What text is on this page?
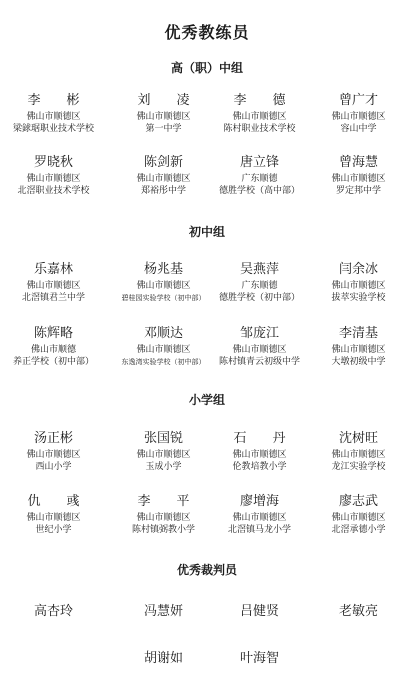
优秀教练员
高（职）中组
李　　彬
佛山市顺德区
梁銶琚职业技术学校
刘　　凌
佛山市顺德区
第一中学
李　　德
佛山市顺德区
陈村职业技术学校
曾广才
佛山市顺德区
容山中学
罗晓秋
佛山市顺德区
北滘职业技术学校
陈剑新
佛山市顺德区
郑裕彤中学
唐立锋
广东顺德
德胜学校（高中部）
曾海慧
佛山市顺德区
罗定邦中学
初中组
乐嘉林
佛山市顺德区
北滘镇君兰中学
杨兆基
佛山市顺德区
碧桂园实验学校（初中部）
吴燕萍
广东顺德
德胜学校（初中部）
闫余冰
佛山市顺德区
拔萃实验学校
陈辉略
佛山市顺德
养正学校（初中部）
邓顺达
佛山市顺德区
东逸湾实验学校（初中部）
邹庞江
佛山市顺德区
陈村镇青云初级中学
李清基
佛山市顺德区
大墩初级中学
小学组
汤正彬
佛山市顺德区
西山小学
张国锐
佛山市顺德区
玉成小学
石　　丹
佛山市顺德区
伦教培教小学
沈树旺
佛山市顺德区
龙江实验学校
仇　　彧
佛山市顺德区
世纪小学
李　　平
佛山市顺德区
陈村镇弼教小学
廖增海
佛山市顺德区
北滘镇马龙小学
廖志武
佛山市顺德区
北滘承德小学
优秀裁判员
高杏玲	冯慧妍	吕健贤	老敏亮
胡谢如	叶海智
